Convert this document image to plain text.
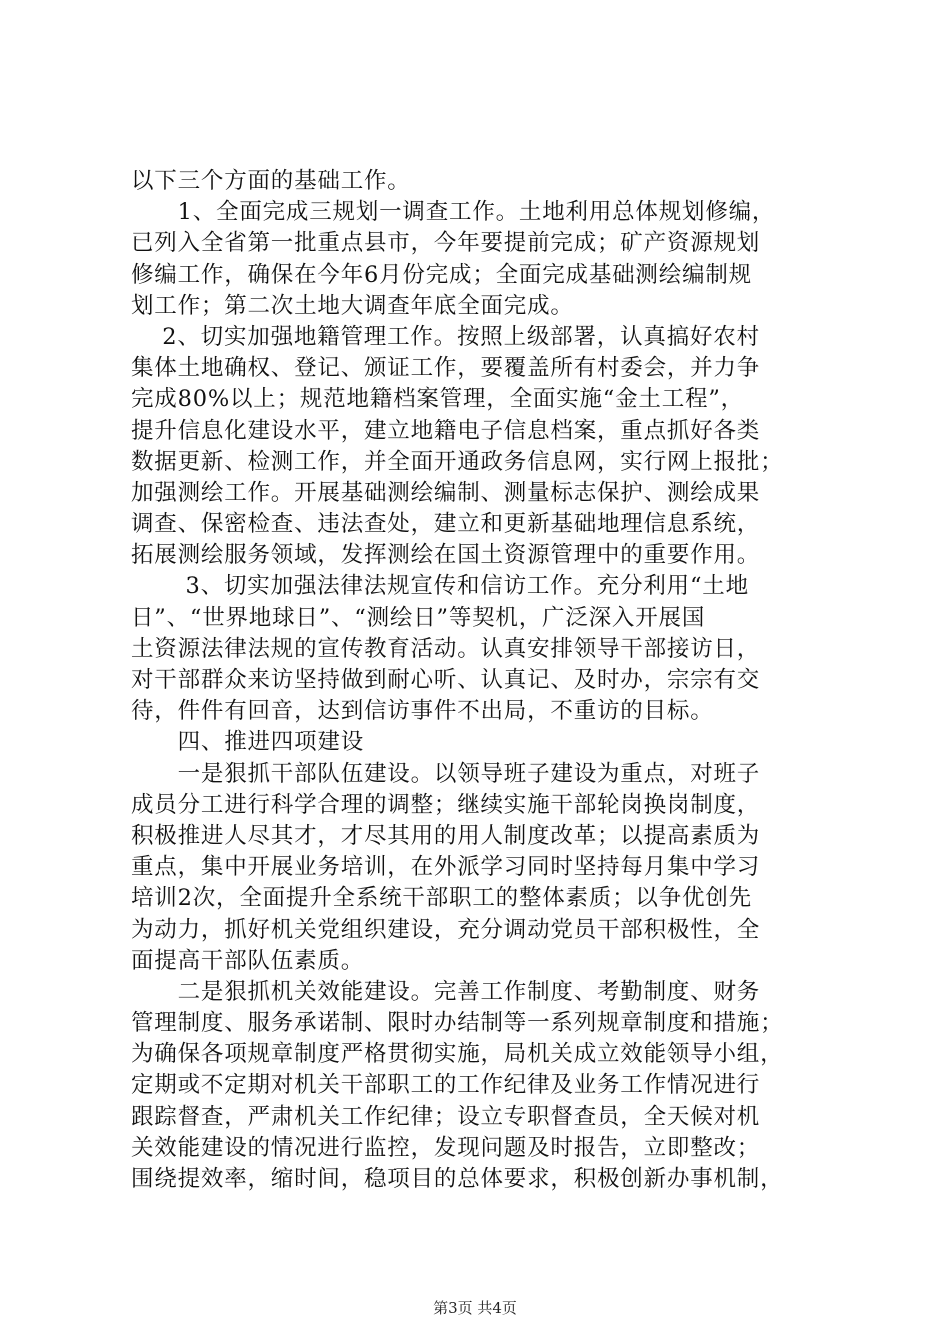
以下三个方面的基础工作。
　　1、全面完成三规划一调查工作。土地利用总体规划修编，
已列入全省第一批重点县市，今年要提前完成；矿产资源规划
修编工作，确保在今年6月份完成；全面完成基础测绘编制规
划工作；第二次土地大调查年底全面完成。
　 2、切实加强地籍管理工作。按照上级部署，认真搞好农村
集体土地确权、登记、颁证工作，要覆盖所有村委会，并力争
完成80%以上；规范地籍档案管理，全面实施“金土工程”，
提升信息化建设水平，建立地籍电子信息档案，重点抓好各类
数据更新、检测工作，并全面开通政务信息网，实行网上报批；
加强测绘工作。开展基础测绘编制、测量标志保护、测绘成果
调查、保密检查、违法查处，建立和更新基础地理信息系统，
拓展测绘服务领域，发挥测绘在国土资源管理中的重要作用。
　　 3、切实加强法律法规宣传和信访工作。充分利用“土地
日”、“世界地球日”、“测绘日”等契机，广泛深入开展国
土资源法律法规的宣传教育活动。认真安排领导干部接访日，
对干部群众来访坚持做到耐心听、认真记、及时办，宗宗有交
待，件件有回音，达到信访事件不出局，不重访的目标。
　　四、推进四项建设
　　一是狠抓干部队伍建设。以领导班子建设为重点，对班子
成员分工进行科学合理的调整；继续实施干部轮岗换岗制度，
积极推进人尽其才，才尽其用的用人制度改革；以提高素质为
重点，集中开展业务培训，在外派学习同时坚持每月集中学习
培训2次，全面提升全系统干部职工的整体素质；以争优创先
为动力，抓好机关党组织建设，充分调动党员干部积极性，全
面提高干部队伍素质。
　　二是狠抓机关效能建设。完善工作制度、考勤制度、财务
管理制度、服务承诺制、限时办结制等一系列规章制度和措施；
为确保各项规章制度严格贯彻实施，局机关成立效能领导小组，
定期或不定期对机关干部职工的工作纪律及业务工作情况进行
跟踪督查，严肃机关工作纪律；设立专职督查员，全天候对机
关效能建设的情况进行监控，发现问题及时报告，立即整改；
围绕提效率，缩时间，稳项目的总体要求，积极创新办事机制，
第3页 共4页
